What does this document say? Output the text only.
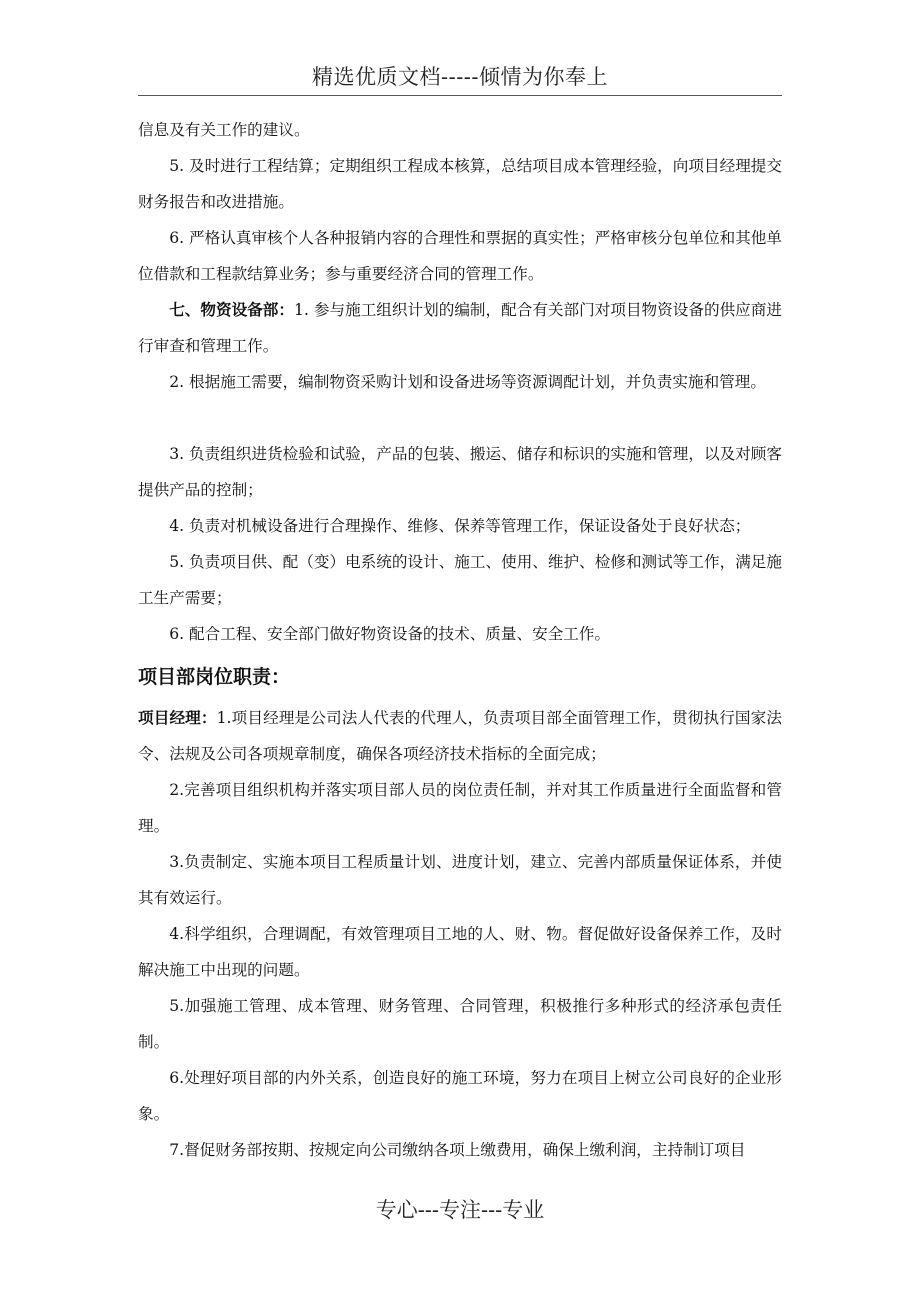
精选优质文档-----倾情为你奉上

信息及有关工作的建议。

5. 及时进行工程结算；定期组织工程成本核算，总结项目成本管理经验，向项目经理提交财务报告和改进措施。

6. 严格认真审核个人各种报销内容的合理性和票据的真实性；严格审核分包单位和其他单位借款和工程款结算业务；参与重要经济合同的管理工作。

七、物资设备部：1. 参与施工组织计划的编制，配合有关部门对项目物资设备的供应商进行审查和管理工作。

2. 根据施工需要，编制物资采购计划和设备进场等资源调配计划，并负责实施和管理。

3. 负责组织进货检验和试验，产品的包装、搬运、储存和标识的实施和管理，以及对顾客提供产品的控制；

4. 负责对机械设备进行合理操作、维修、保养等管理工作，保证设备处于良好状态；

5. 负责项目供、配（变）电系统的设计、施工、使用、维护、检修和测试等工作，满足施工生产需要；

6. 配合工程、安全部门做好物资设备的技术、质量、安全工作。

项目部岗位职责：

项目经理：1.项目经理是公司法人代表的代理人，负责项目部全面管理工作，贯彻执行国家法令、法规及公司各项规章制度，确保各项经济技术指标的全面完成；

2.完善项目组织机构并落实项目部人员的岗位责任制，并对其工作质量进行全面监督和管理。

3.负责制定、实施本项目工程质量计划、进度计划，建立、完善内部质量保证体系，并使其有效运行。

4.科学组织，合理调配，有效管理项目工地的人、财、物。督促做好设备保养工作，及时解决施工中出现的问题。

5.加强施工管理、成本管理、财务管理、合同管理，积极推行多种形式的经济承包责任制。

6.处理好项目部的内外关系，创造良好的施工环境，努力在项目上树立公司良好的企业形象。

7.督促财务部按期、按规定向公司缴纳各项上缴费用，确保上缴利润，主持制订项目

专心---专注---专业
